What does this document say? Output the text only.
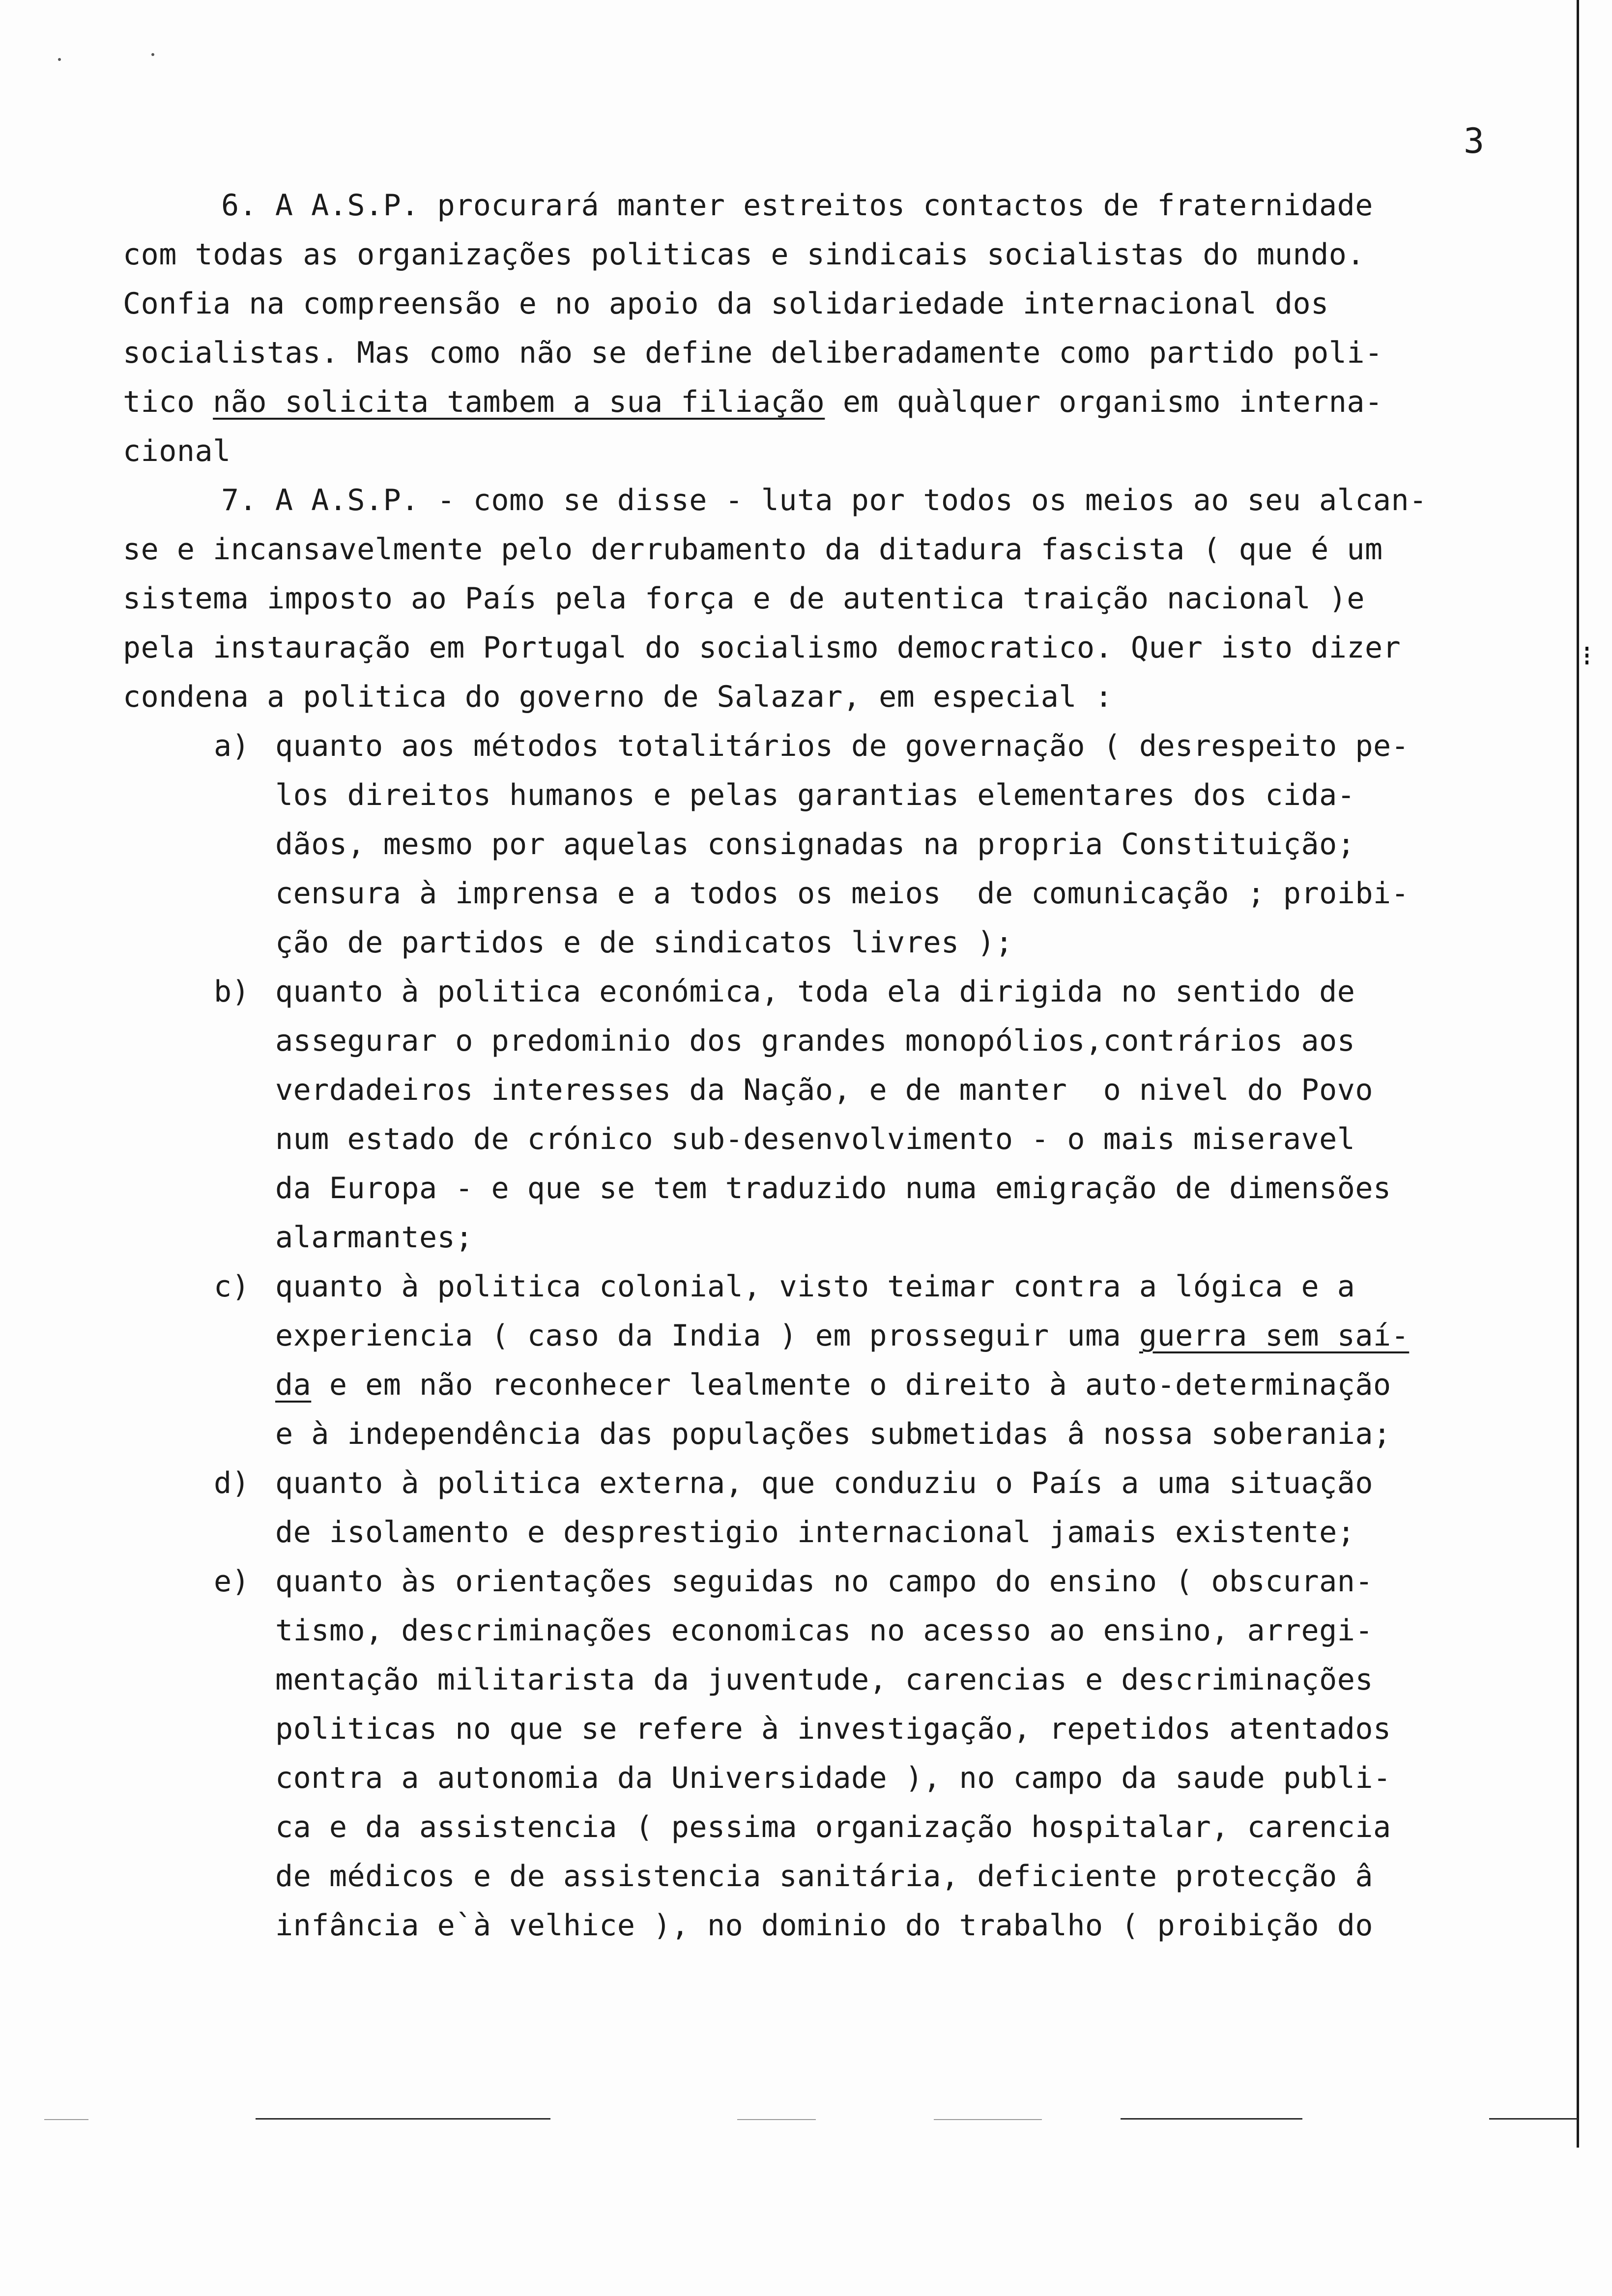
3
6. A A.S.P. procurará manter estreitos contactos de fraternidade
com todas as organizações politicas e sindicais socialistas do mundo.
Confia na compreensão e no apoio da solidariedade internacional dos
socialistas. Mas como não se define deliberadamente como partido poli-
tico não solicita tambem a sua filiação em quàlquer organismo interna-
cional
7. A A.S.P. - como se disse - luta por todos os meios ao seu alcan-
se e incansavelmente pelo derrubamento da ditadura fascista ( que é um
sistema imposto ao País pela força e de autentica traição nacional )e
pela instauração em Portugal do socialismo democratico. Quer isto dizer
condena a politica do governo de Salazar, em especial :
a) quanto aos métodos totalitários de governação ( desrespeito pe-
los direitos humanos e pelas garantias elementares dos cida-
dãos, mesmo por aquelas consignadas na propria Constituição;
censura à imprensa e a todos os meios  de comunicação ; proibi-
ção de partidos e de sindicatos livres );
b) quanto à politica económica, toda ela dirigida no sentido de
assegurar o predominio dos grandes monopólios,contrários aos
verdadeiros interesses da Nação, e de manter  o nivel do Povo
num estado de crónico sub-desenvolvimento - o mais miseravel
da Europa - e que se tem traduzido numa emigração de dimensões
alarmantes;
c) quanto à politica colonial, visto teimar contra a lógica e a
experiencia ( caso da India ) em prosseguir uma guerra sem saí-
da e em não reconhecer lealmente o direito à auto-determinação
e à independência das populações submetidas â nossa soberania;
d) quanto à politica externa, que conduziu o País a uma situação
de isolamento e desprestigio internacional jamais existente;
e) quanto às orientações seguidas no campo do ensino ( obscuran-
tismo, descriminações economicas no acesso ao ensino, arregi-
mentação militarista da juventude, carencias e descriminações
politicas no que se refere à investigação, repetidos atentados
contra a autonomia da Universidade ), no campo da saude publi-
ca e da assistencia ( pessima organização hospitalar, carencia
de médicos e de assistencia sanitária, deficiente protecção â
infância e`à velhice ), no dominio do trabalho ( proibição do
